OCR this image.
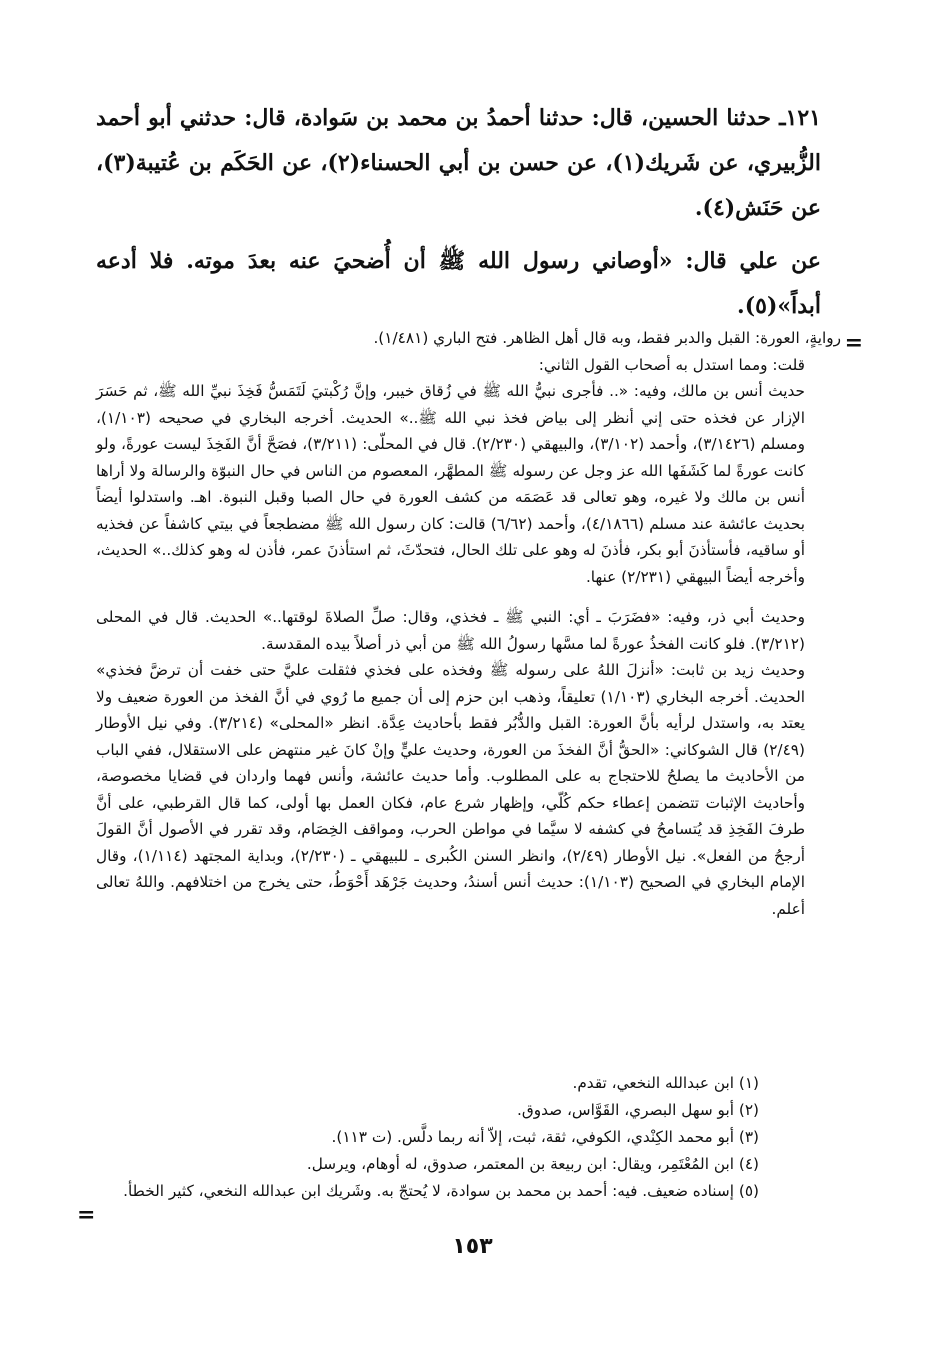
١٢١ـ حدثنا الحسين، قال: حدثنا أحمدُ بن محمد بن سَوادة، قال: حدثني أبو أحمد الزُّبيري، عن شَريك(١)، عن حسن بن أبي الحسناء(٢)، عن الحَكَم بن عُتيبة(٣)، عن حَنَش(٤).

عن علي قال: «أوصاني رسول الله ﷺ أن أُضحيَ عنه بعدَ موته. فلا أدعه أبداً»(٥).

=

روايةٍ، العورة: القبل والدبر فقط، وبه قال أهل الظاهر. فتح الباري (١/٤٨١).

قلت: ومما استدل به أصحاب القول الثاني:

حديث أنس بن مالك، وفيه: «.. فأجرى نبيُّ الله ﷺ في زُقاق خيبر، وإنَّ رُكْبتيَ لَتَمَسُّ فَخِذَ نبيِّ الله ﷺ، ثم حَسَرَ الإزار عن فخذه حتى إني أنظر إلى بياض فخذ نبي الله ﷺ..» الحديث. أخرجه البخاري في صحيحه (١/١٠٣)، ومسلم (٣/١٤٢٦)، وأحمد (٣/١٠٢)، والبيهقي (٢/٢٣٠). قال في المحلّى: (٣/٢١١)، فصَحَّ أنَّ الفَخِذَ ليست عورةً، ولو كانت عورةً لما كَشَفَها الله عز وجل عن رسوله ﷺ المطهَّر، المعصوم من الناس في حال النبوّة والرسالة ولا أراها أنس بن مالك ولا غيره، وهو تعالى قد عَصَمَه من كشف العورة في حال الصبا وقبل النبوة. اهـ. واستدلوا أيضاً بحديث عائشة عند مسلم (٤/١٨٦٦)، وأحمد (٦/٦٢) قالت: كان رسول الله ﷺ مضطجعاً في بيتي كاشفاً عن فخذيه أو ساقيه، فأستأذنَ أبو بكر، فأذنَ له وهو على تلك الحال، فتحدّثَ، ثم استأذنَ عمر، فأذن له وهو كذلك..» الحديث، وأخرجه أيضاً البيهقي (٢/٢٣١) عنها.

وحديث أبي ذر، وفيه: «فضَرَبَ ـ أي: النبي ﷺ ـ فخذي، وقال: صلِّ الصلاةَ لوقتها..» الحديث. قال في المحلى (٣/٢١٢). فلو كانت الفخذُ عورةً لما مسَّها رسولُ الله ﷺ من أبي ذر أصلاً بيده المقدسة.

وحديث زيد بن ثابت: «أنزلَ اللهُ على رسوله ﷺ وفخذه على فخذي فثقلت عليَّ حتى خفت أن ترضَّ فخذي» الحديث. أخرجه البخاري (١/١٠٣) تعليقاً، وذهب ابن حزم إلى أن جميع ما رُوي في أنَّ الفخذ من العورة ضعيف ولا يعتد به، واستدل لرأيه بأنَّ العورة: القبل والدُّبُر فقط بأحاديث عِدَّة. انظر «المحلى» (٣/٢١٤). وفي نيل الأوطار (٢/٤٩) قال الشوكاني: «الحقُّ أنَّ الفخذَ من العورة، وحديث عليٍّ وإنْ كانَ غير منتهض على الاستقلال، ففي الباب من الأحاديث ما يصلحُ للاحتجاج به على المطلوب. وأما حديث عائشة، وأنس فهما واردان في قضايا مخصوصة، وأحاديث الإثبات تتضمن إعطاء حكم كُلّي، وإظهار شرع عام، فكان العمل بها أولى، كما قال القرطبي، على أنَّ طرفَ الفَخِذِ قد يُتسامحُ في كشفه لا سيَّما في مواطن الحرب، ومواقف الخِصَام، وقد تقرر في الأصول أنَّ القولَ أرجحُ من الفعل». نيل الأوطار (٢/٤٩)، وانظر السنن الكُبرى ـ للبيهقي ـ (٢/٢٣٠)، وبداية المجتهد (١/١١٤)، وقال الإمام البخاري في الصحيح (١/١٠٣): حديث أنس أسندُ، وحديث جَرْهَد أَحْوَطُ، حتى يخرج من اختلافهم. واللهُ تعالى أعلم.

(١) ابن عبدالله النخعي، تقدم.

(٢) أبو سهل البصري، القَوَّاس، صدوق.

(٣) أبو محمد الكِنْدي، الكوفي، ثقة، ثبت، إلاّ أنه ربما دلَّس. (ت ١١٣).

(٤) ابن المُعْتَمِر، ويقال: ابن ربيعة بن المعتمر، صدوق، له أوهام، ويرسل.

(٥) إسناده ضعيف. فيه: أحمد بن محمد بن سوادة، لا يُحتجّ به. وشَريك ابن عبدالله النخعي، كثير الخطأ.

=
١٥٣
